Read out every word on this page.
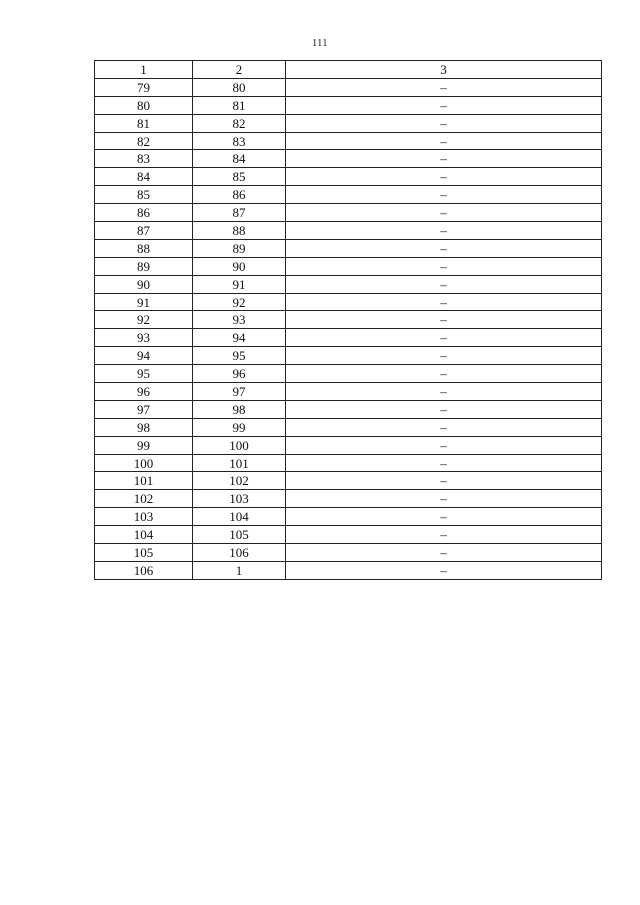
111
1	2	3
79	80	–
80	81	–
81	82	–
82	83	–
83	84	–
84	85	–
85	86	–
86	87	–
87	88	–
88	89	–
89	90	–
90	91	–
91	92	–
92	93	–
93	94	–
94	95	–
95	96	–
96	97	–
97	98	–
98	99	–
99	100	–
100	101	–
101	102	–
102	103	–
103	104	–
104	105	–
105	106	–
106	1	–
